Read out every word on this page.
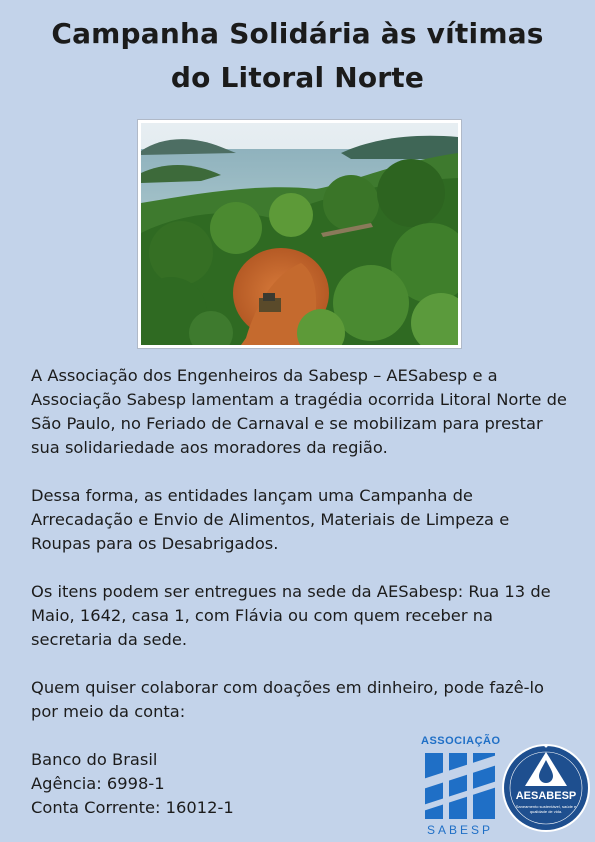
Campanha Solidária às vítimas
do Litoral Norte

A Associação dos Engenheiros da Sabesp – AESabesp e a Associação Sabesp lamentam a tragédia ocorrida Litoral Norte de São Paulo, no Feriado de Carnaval e se mobilizam para prestar sua solidariedade aos moradores da região.

Dessa forma, as entidades lançam uma Campanha de Arrecadação e Envio de Alimentos, Materiais de Limpeza e Roupas para os Desabrigados.

Os itens podem ser entregues na sede da AESabesp: Rua 13 de Maio, 1642, casa 1, com Flávia ou com quem receber na secretaria da sede.

Quem quiser colaborar com doações em dinheiro, pode fazê-lo por meio da conta:

Banco do Brasil
Agência: 6998-1
Conta Corrente: 16012-1
ASSOCIAÇÃO
SABESP
AESABESP
Saneamento sustentável, saúde e qualidade de vida.
